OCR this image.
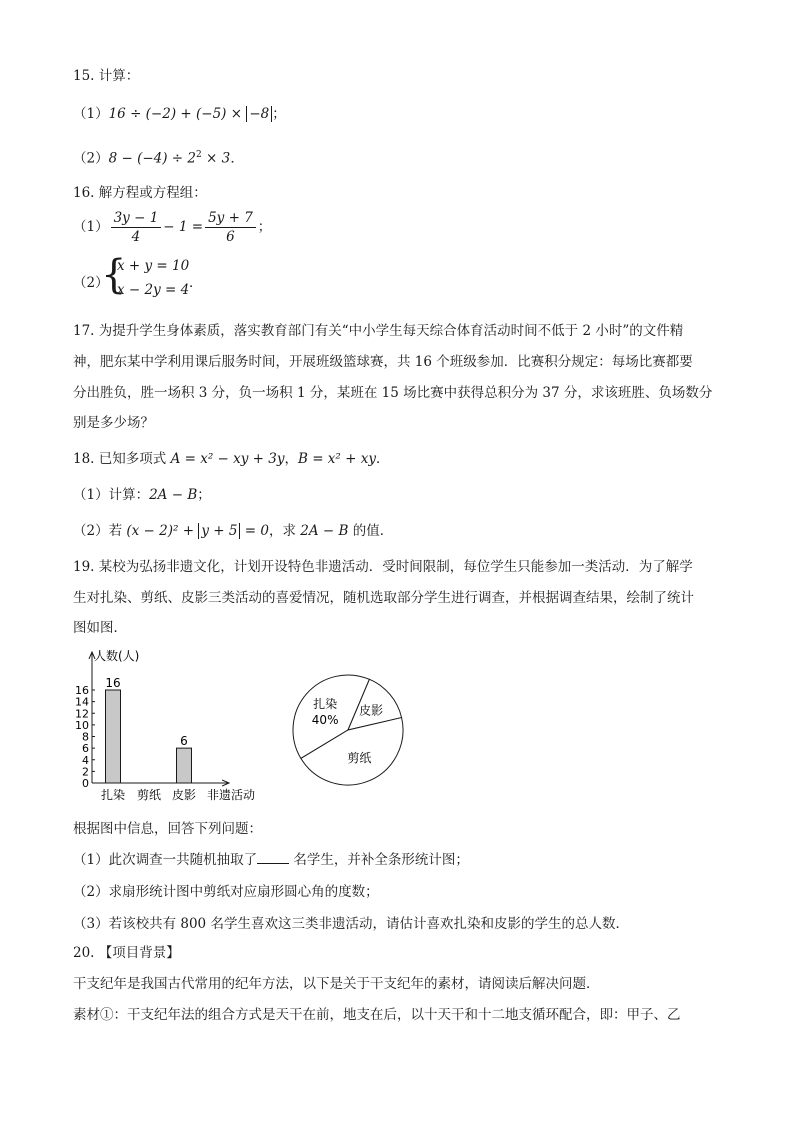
15. 计算：
（1）16 ÷ (−2) + (−5) × −8 ；
$(2)8 - (-4) \div 2^2 \times 3$．
16. 解方程或方程组：
$(1) \frac{3y - 1}{4} - 1 = \frac{5y + 7}{6}$ ；
（2）
{
x + y = 10
x − 2y = 4 ．
17. 为提升学生身体素质，落实教育部门有关“中小学生每天综合体育活动时间不低于 2 小时”的文件精
神，肥东某中学利用课后服务时间，开展班级篮球赛，共 16 个班级参加．比赛积分规定：每场比赛都要
分出胜负，胜一场积 3 分，负一场积 1 分，某班在 15 场比赛中获得总积分为 37 分，求该班胜、负场数分
别是多少场？
18. 已知多项式 A = x² − xy + 3y，B = x² + xy．
（1）计算：2A − B；
（2）若 (x − 2)² + y + 5 = 0，求 2A − B 的值．
19. 某校为弘扬非遗文化，计划开设特色非遗活动．受时间限制，每位学生只能参加一类活动．为了解学
生对扎染、剪纸、皮影三类活动的喜爱情况，随机选取部分学生进行调查，并根据调查结果，绘制了统计
图如图．
0
2
4
6
8
10
12
14
16
16
6
扎染 剪纸 皮影
人数(人)
非遗活动
扎染
40%
皮影
剪纸
根据图中信息，回答下列问题：
（1）此次调查一共随机抽取了 名学生，并补全条形统计图；
（2）求扇形统计图中剪纸对应扇形圆心角的度数；
（3）若该校共有 800 名学生喜欢这三类非遗活动，请估计喜欢扎染和皮影的学生的总人数．
20. 【项目背景】
干支纪年是我国古代常用的纪年方法，以下是关于干支纪年的素材，请阅读后解决问题．
素材①：干支纪年法的组合方式是天干在前，地支在后，以十天干和十二地支循环配合，即：甲子、乙
